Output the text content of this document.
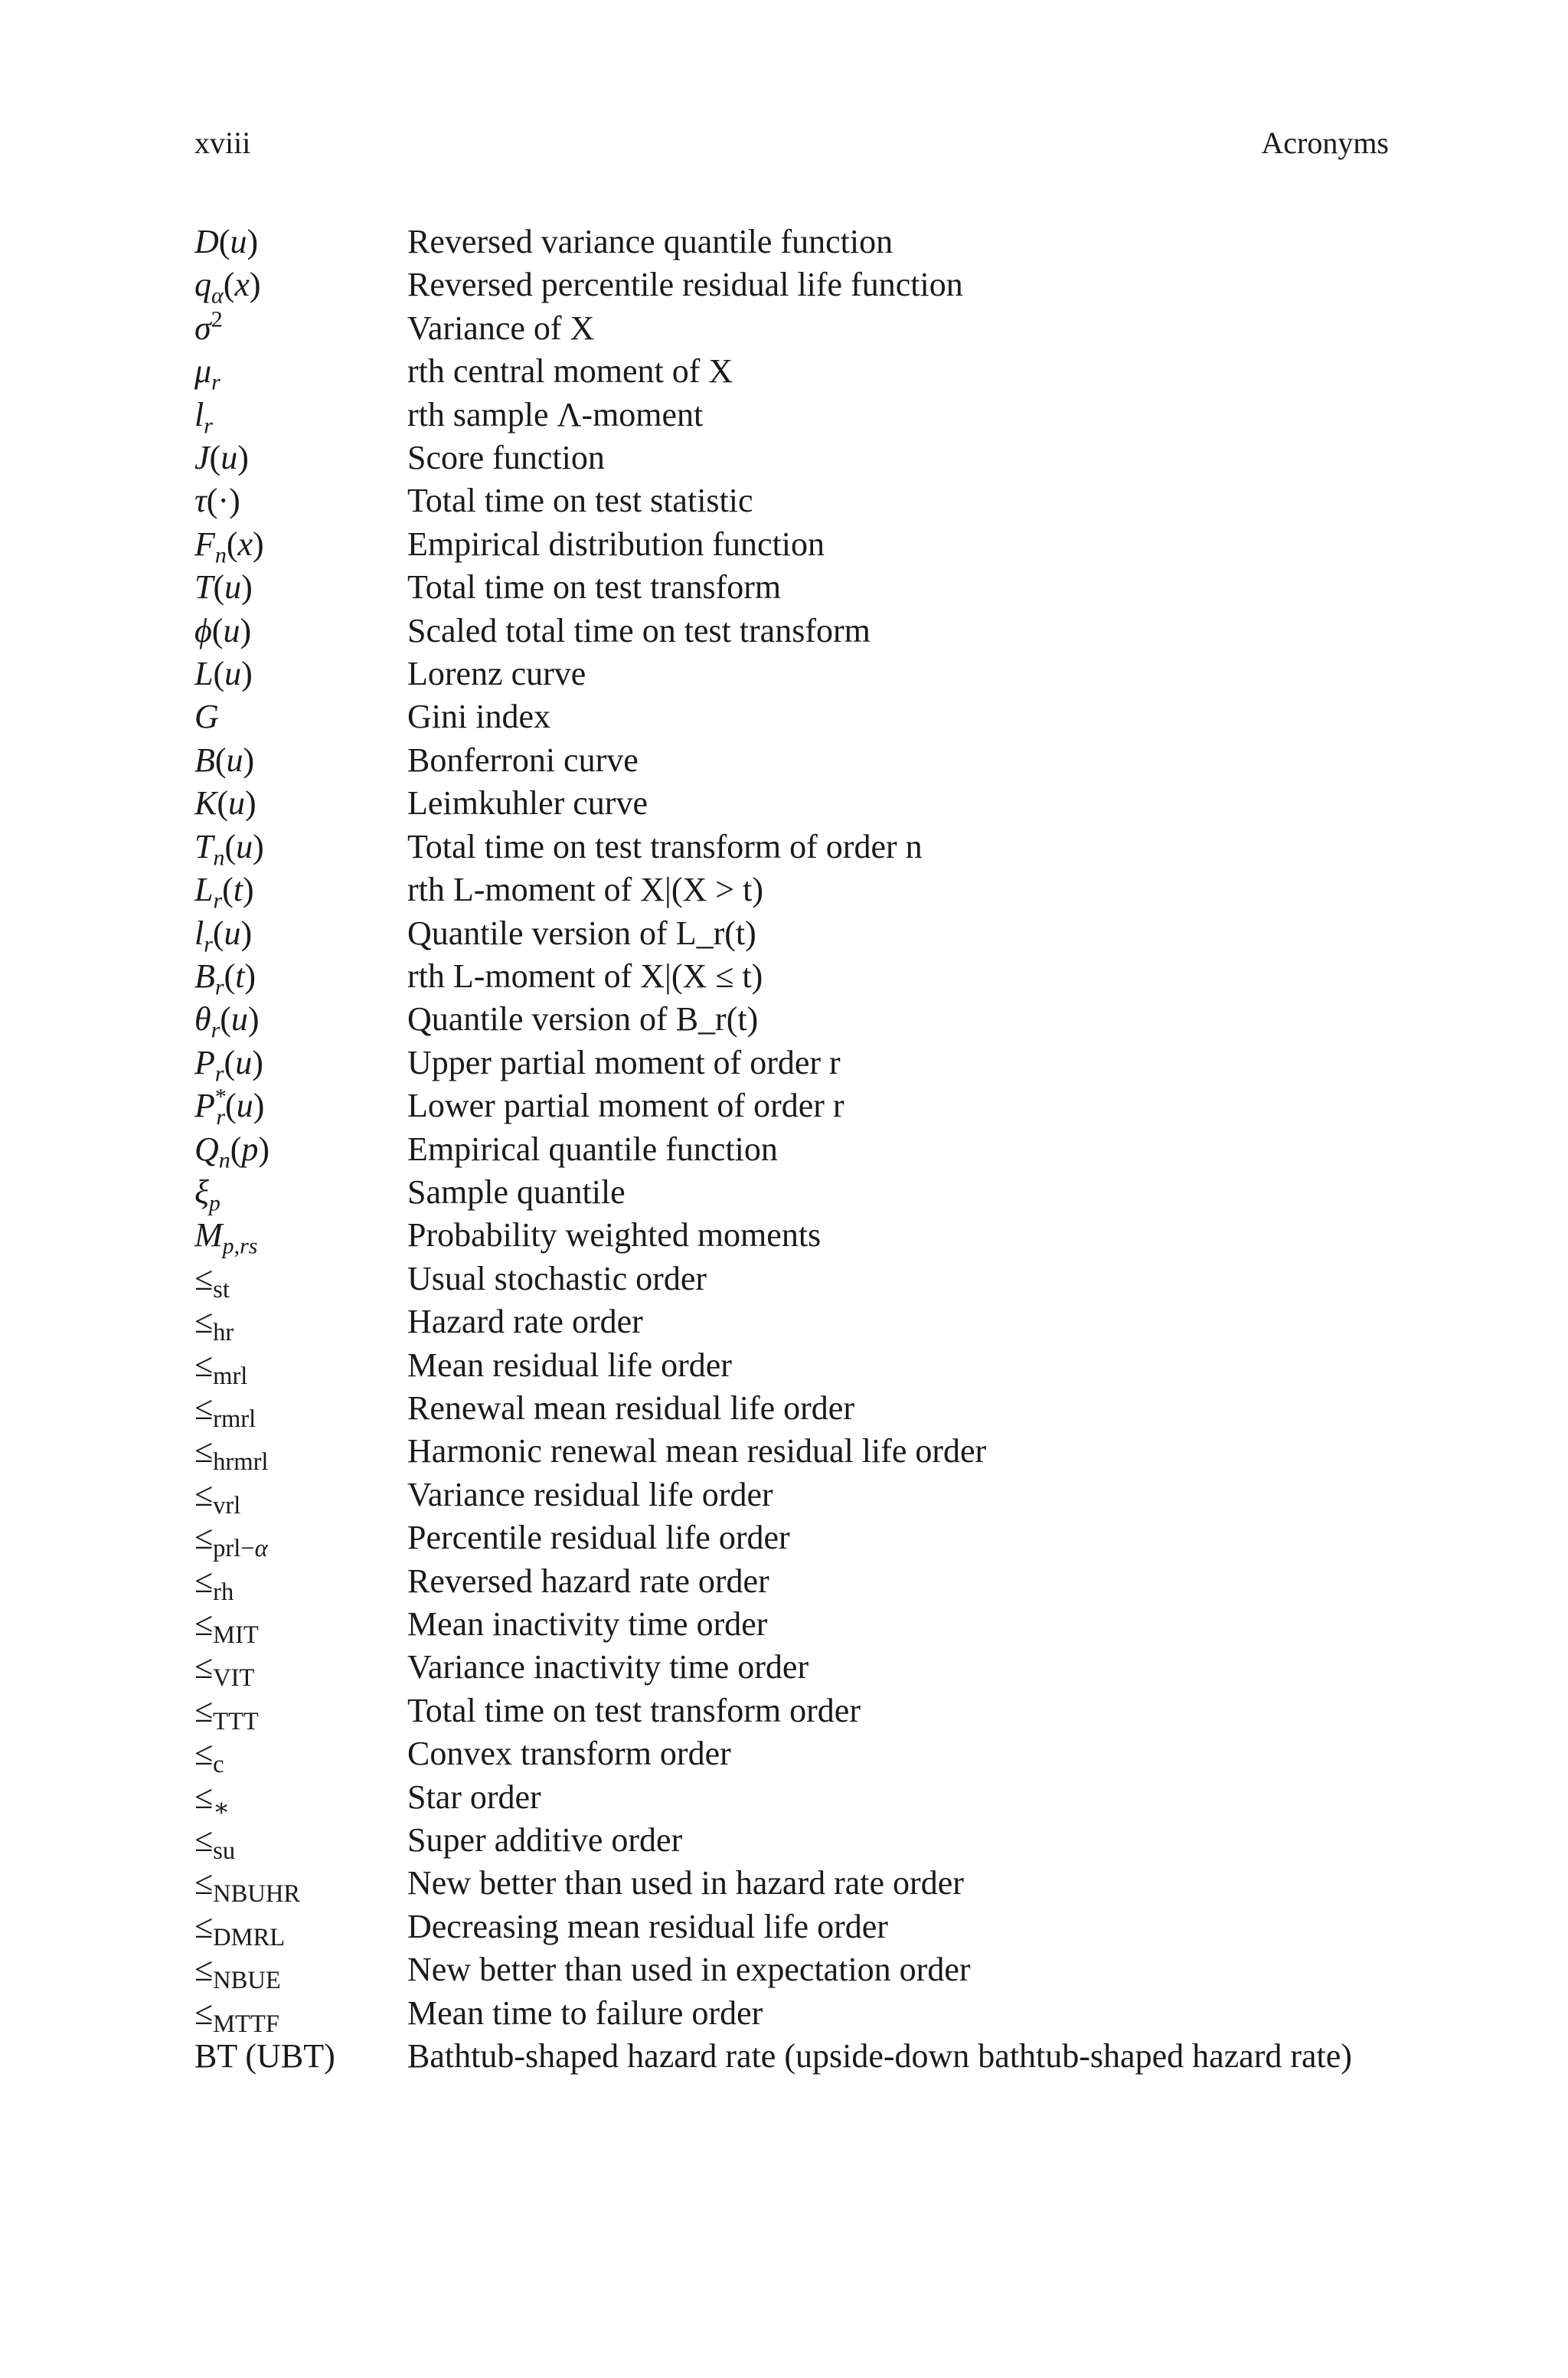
xviii	Acronyms
D(u)	Reversed variance quantile function
$q_\alpha(x)$	Reversed percentile residual life function
$\sigma^2$	Variance of X
$\mu_r$	rth central moment of X
$l_r$	rth sample Λ-moment
J(u)	Score function
τ(·)	Total time on test statistic
$F_n(x)$	Empirical distribution function
T(u)	Total time on test transform
ϕ(u)	Scaled total time on test transform
L(u)	Lorenz curve
G	Gini index
B(u)	Bonferroni curve
K(u)	Leimkuhler curve
$T_n(u)$	Total time on test transform of order n
$L_r(t)$	rth L-moment of X|(X > t)
$l_r(u)$	Quantile version of L_r(t)
$B_r(t)$	rth L-moment of X|(X ≤ t)
$\theta_r(u)$	Quantile version of B_r(t)
$P_r(u)$	Upper partial moment of order r
$P^*_r(u)$	Lower partial moment of order r
$Q_n(p)$	Empirical quantile function
$\xi_p$	Sample quantile
$M_{p,rs}$	Probability weighted moments
$\le_{st}$	Usual stochastic order
$\le_{hr}$	Hazard rate order
$\le_{mrl}$	Mean residual life order
$\le_{rmrl}$	Renewal mean residual life order
$\le_{hrmrl}$	Harmonic renewal mean residual life order
$\le_{vrl}$	Variance residual life order
$\le_{prl-\alpha}$	Percentile residual life order
$\le_{rh}$	Reversed hazard rate order
$\le_{MIT}$	Mean inactivity time order
$\le_{VIT}$	Variance inactivity time order
$\le_{TTT}$	Total time on test transform order
$\le_c$	Convex transform order
$\le_∗$	Star order
$\le_{su}$	Super additive order
$\le_{NBUHR}$	New better than used in hazard rate order
$\le_{DMRL}$	Decreasing mean residual life order
$\le_{NBUE}$	New better than used in expectation order
$\le_{MTTF}$	Mean time to failure order
BT (UBT)	Bathtub-shaped hazard rate (upside-down bathtub-shaped hazard rate)
